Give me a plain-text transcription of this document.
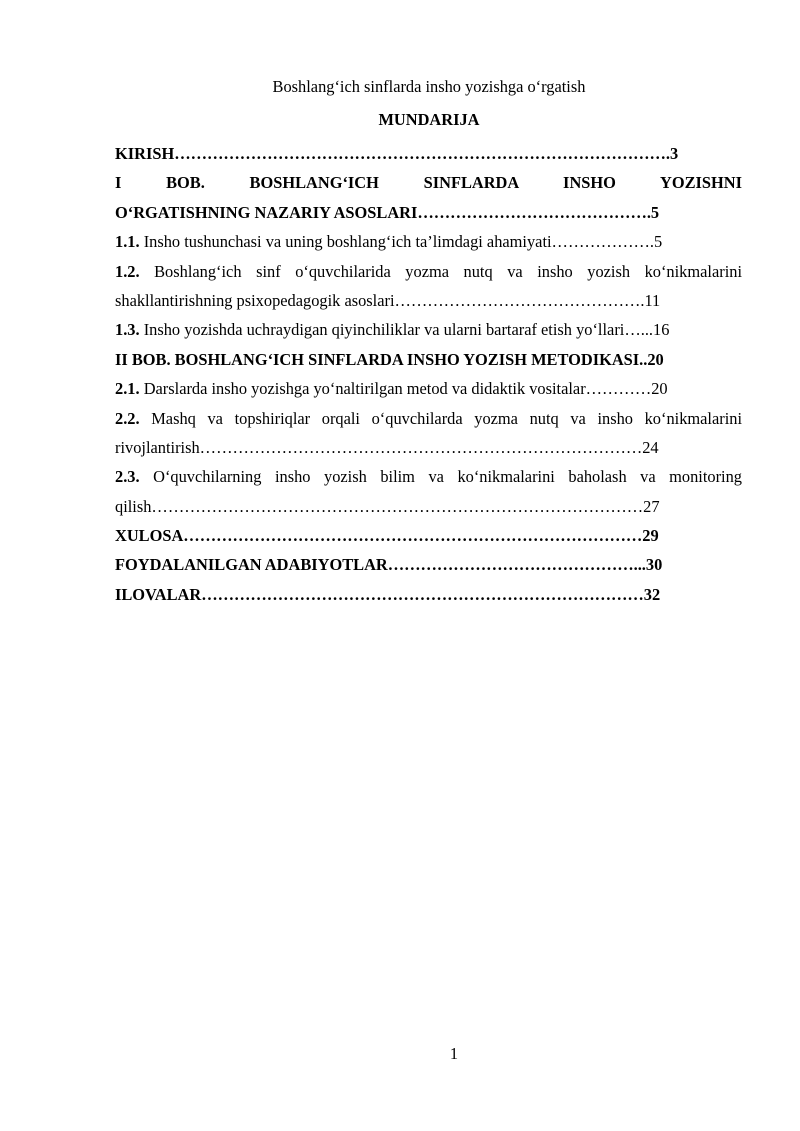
Boshlang‘ich sinflarda insho yozishga o‘rgatish
MUNDARIJA
KIRISH……………………………………………………………………………….3
I BOB. BOSHLANG‘ICH SINFLARDA INSHO YOZISHNI
O‘RGATISHNING NAZARIY ASOSLARI…………………………………….5
1.1. Insho tushunchasi va uning boshlang‘ich ta’limdagi ahamiyati……………….5
1.2. Boshlang‘ich sinf o‘quvchilarida yozma nutq va insho yozish ko‘nikmalarini
shakllantirishning psixopedagogik asoslari……………………………………….11
1.3. Insho yozishda uchraydigan qiyinchiliklar va ularni bartaraf etish yo‘llari…...16
II BOB. BOSHLANG‘ICH SINFLARDA INSHO YOZISH METODIKASI..20
2.1. Darslarda insho yozishga yo‘naltirilgan metod va didaktik vositalar…………20
2.2. Mashq va topshiriqlar orqali o‘quvchilarda yozma nutq va insho ko‘nikmalarini
rivojlantirish………………………………………………………………………24
2.3. O‘quvchilarning insho yozish bilim va ko‘nikmalarini baholash va monitoring
qilish………………………………………………………………………………27
XULOSA…………………………………………………………………………29
FOYDALANILGAN ADABIYOTLAR………………………………………...30
ILOVALAR………………………………………………………………………32
1
